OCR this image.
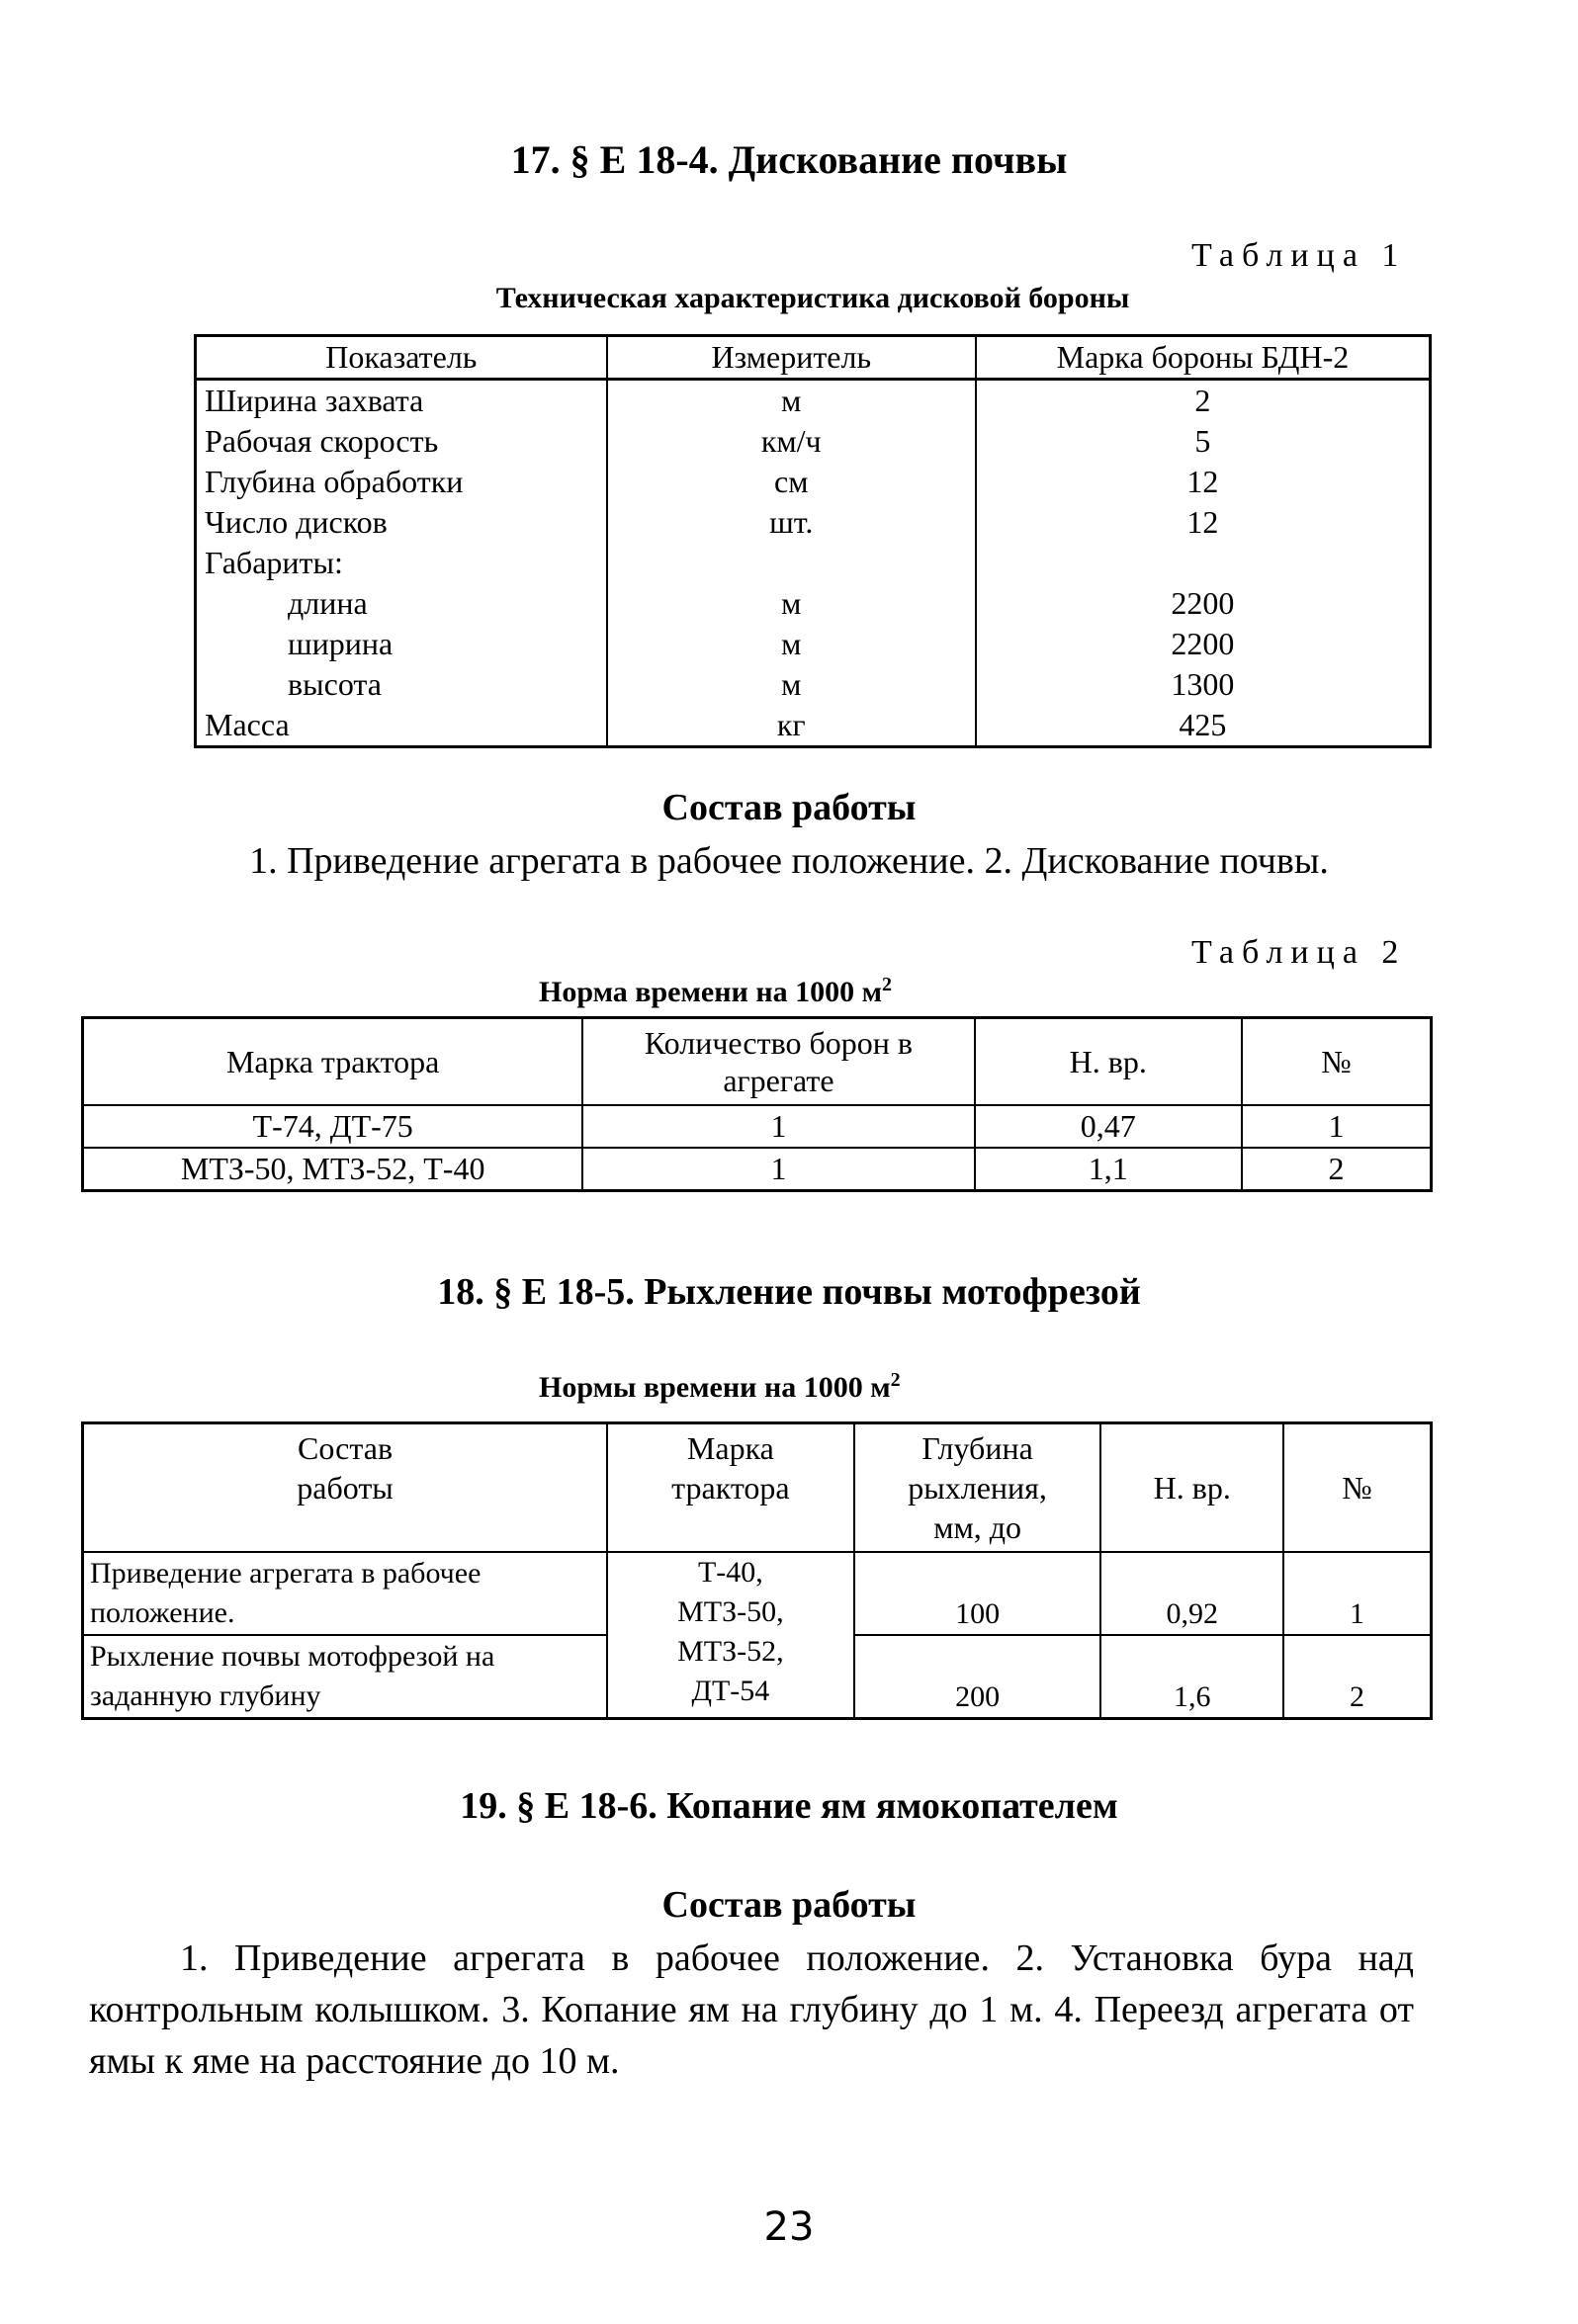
17. § Е 18-4. Дискование почвы
Таблица 1
Техническая характеристика дисковой бороны
Показатель	Измеритель	Марка бороны БДН-2
Ширина захвата	м	2
Рабочая скорость	км/ч	5
Глубина обработки	см	12
Число дисков	шт.	12
Габариты:		
длина	м	2200
ширина	м	2200
высота	м	1300
Масса	кг	425
Состав работы
1. Приведение агрегата в рабочее положение. 2. Дискование почвы.
Таблица 2
Норма времени на 1000 $м^2$
Марка трактора	Количество борон в агрегате	Н. вр.	№
Т-74, ДТ-75	1	0,47	1
МТЗ-50, МТЗ-52, Т-40	1	1,1	2
18. § Е 18-5. Рыхление почвы мотофрезой
Нормы времени на 1000 $м^2$
Состав работы	Марка трактора	Глубина рыхления, мм, до	Н. вр.	№
Приведение агрегата в рабочее положение.	Т-40, МТЗ-50, МТЗ-52, ДТ-54	100	0,92	1
Рыхление почвы мотофрезой на заданную глубину		200	1,6	2
19. § Е 18-6. Копание ям ямокопателем
Состав работы
1. Приведение агрегата в рабочее положение. 2. Установка бура над контрольным колышком. 3. Копание ям на глубину до 1 м. 4. Переезд агрегата от ямы к яме на расстояние до 10 м.
23
